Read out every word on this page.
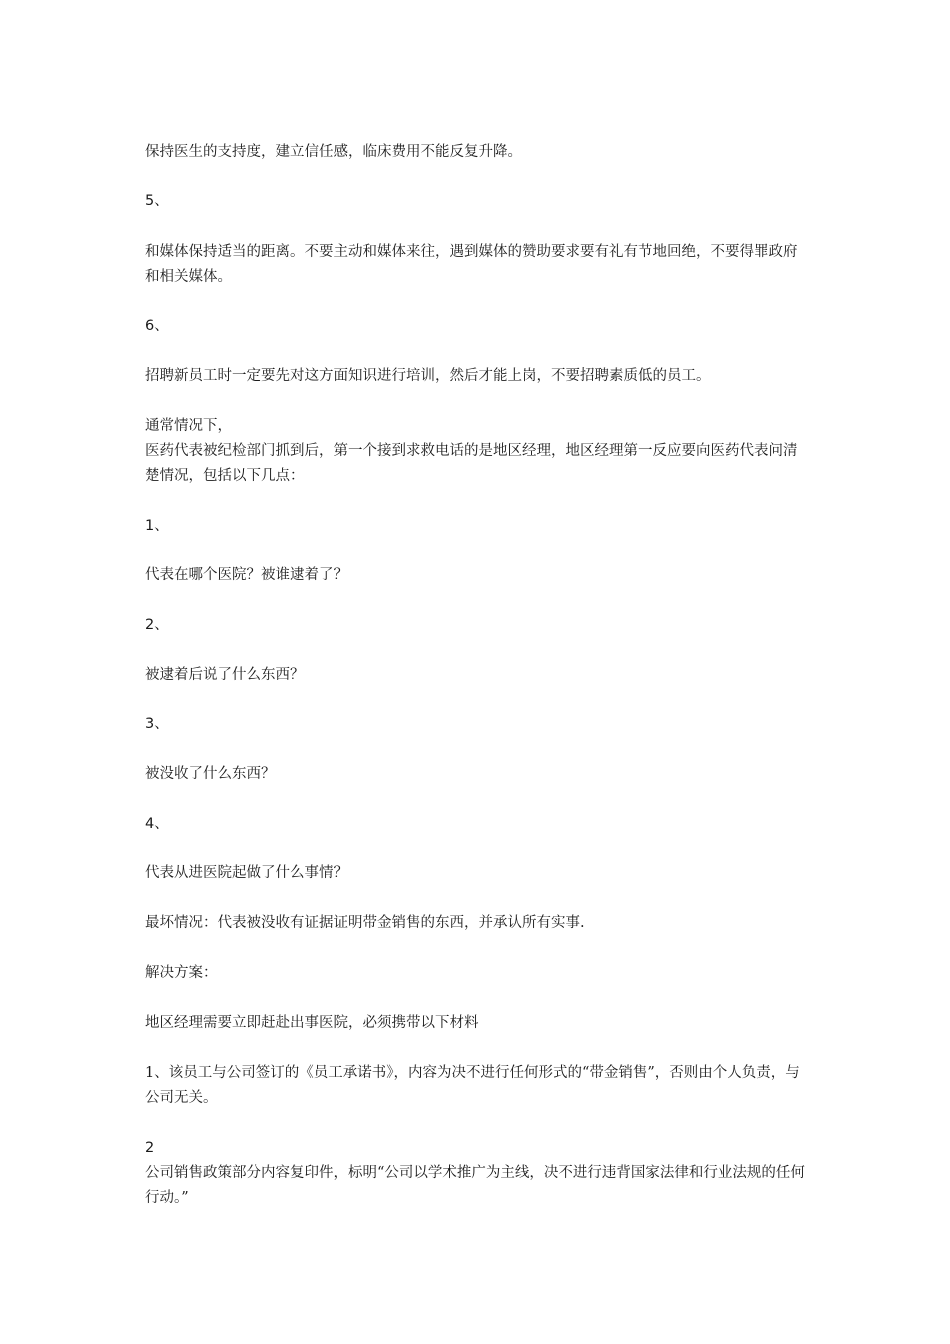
保持医生的支持度，建立信任感，临床费用不能反复升降。

5、

和媒体保持适当的距离。不要主动和媒体来往，遇到媒体的赞助要求要有礼有节地回绝，不要得罪政府和相关媒体。

6、

招聘新员工时一定要先对这方面知识进行培训，然后才能上岗，不要招聘素质低的员工。

通常情况下，

医药代表被纪检部门抓到后，第一个接到求救电话的是地区经理，地区经理第一反应要向医药代表问清楚情况，包括以下几点：

1、

代表在哪个医院？被谁逮着了？

2、

被逮着后说了什么东西？

3、

被没收了什么东西？

4、

代表从进医院起做了什么事情？

最坏情况：代表被没收有证据证明带金销售的东西，并承认所有实事.

解决方案：

地区经理需要立即赶赴出事医院，必须携带以下材料

1、该员工与公司签订的《员工承诺书》，内容为决不进行任何形式的“带金销售”，否则由个人负责，与公司无关。

2

公司销售政策部分内容复印件，标明“公司以学术推广为主线，决不进行违背国家法律和行业法规的任何行动。”
